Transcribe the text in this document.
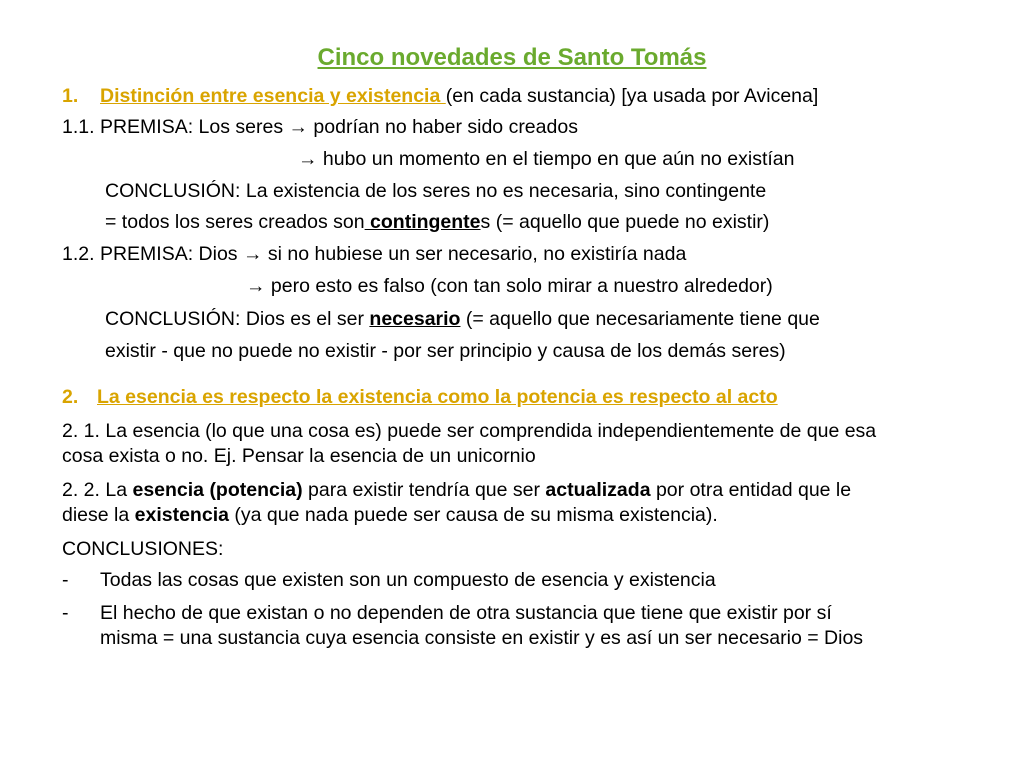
Cinco novedades de Santo Tomás
1. Distinción entre esencia y existencia (en cada sustancia) [ya usada por Avicena]
1.1. PREMISA: Los seres → podrían no haber sido creados
→ hubo un momento en el tiempo en que aún no existían
CONCLUSIÓN: La existencia de los seres no es necesaria, sino contingente
= todos los seres creados son contingentes (= aquello que puede no existir)
1.2. PREMISA: Dios → si no hubiese un ser necesario, no existiría nada
→ pero esto es falso (con tan solo mirar a nuestro alrededor)
CONCLUSIÓN: Dios es el ser necesario (= aquello que necesariamente tiene que
existir - que no puede no existir - por ser principio y causa de los demás seres)
2. La esencia es respecto la existencia como la potencia es respecto al acto
2. 1. La esencia (lo que una cosa es) puede ser comprendida independientemente de que esa
cosa exista o no. Ej. Pensar la esencia de un unicornio
2. 2. La esencia (potencia) para existir tendría que ser actualizada por otra entidad que le
diese la existencia (ya que nada puede ser causa de su misma existencia).
CONCLUSIONES:
- Todas las cosas que existen son un compuesto de esencia y existencia
- El hecho de que existan o no dependen de otra sustancia que tiene que existir por sí
misma = una sustancia cuya esencia consiste en existir y es así un ser necesario = Dios
